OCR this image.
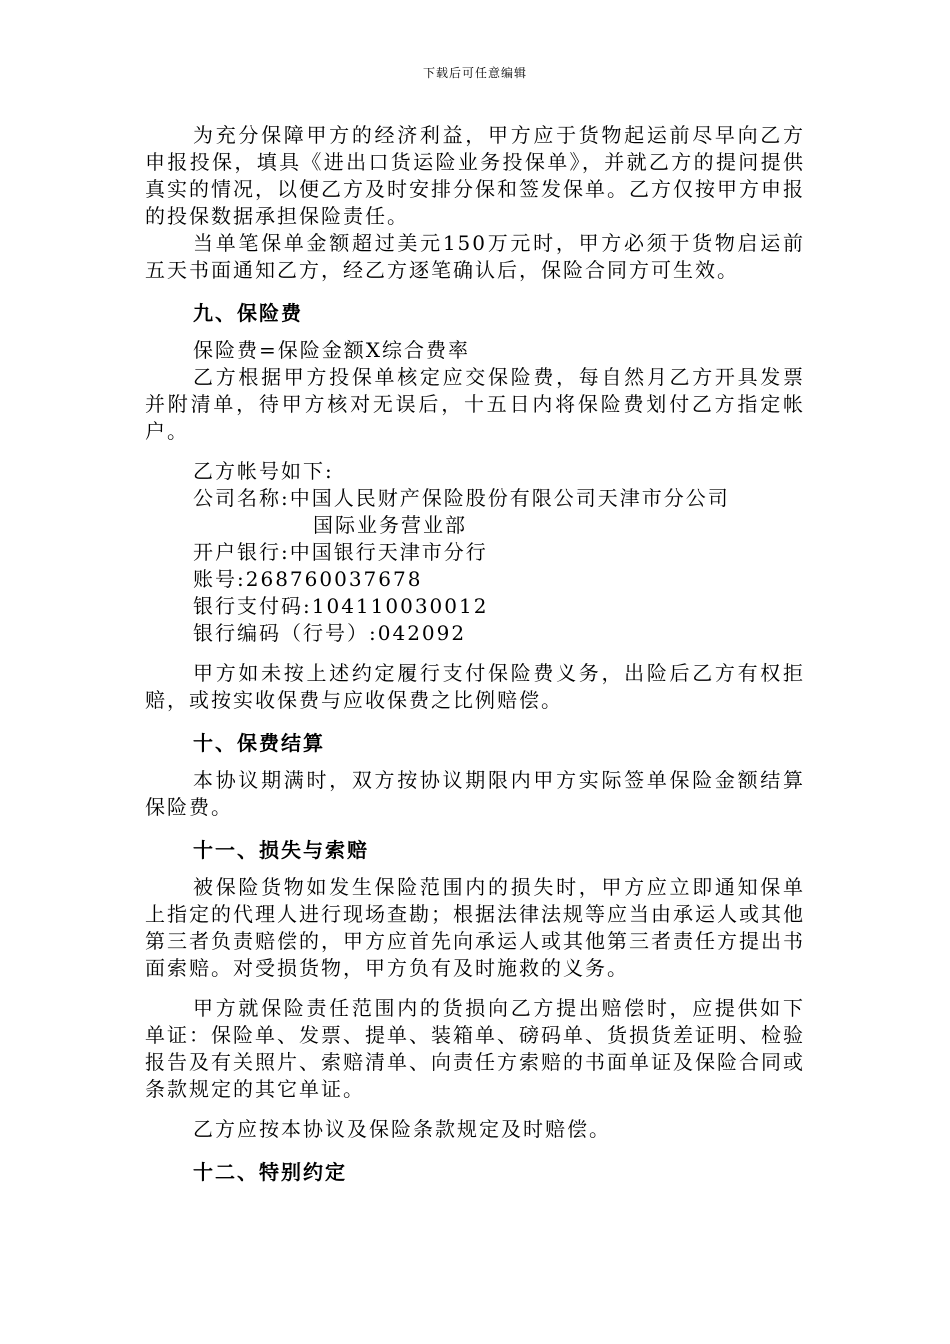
下载后可任意编辑

为充分保障甲方的经济利益，甲方应于货物起运前尽早向乙方申报投保，填具《进出口货运险业务投保单》，并就乙方的提问提供真实的情况，以便乙方及时安排分保和签发保单。乙方仅按甲方申报的投保数据承担保险责任。

当单笔保单金额超过美元150万元时，甲方必须于货物启运前五天书面通知乙方，经乙方逐笔确认后，保险合同方可生效。

九、保险费

保险费=保险金额X综合费率

乙方根据甲方投保单核定应交保险费，每自然月乙方开具发票并附清单，待甲方核对无误后，十五日内将保险费划付乙方指定帐户。

乙方帐号如下:

公司名称: 中国人民财产保险股份有限公司天津市分公司

国际业务营业部

开户银行: 中国银行天津市分行
账号: 268760037678
银行支付码: 104110030012
银行编码（行号）: 042092

甲方如未按上述约定履行支付保险费义务，出险后乙方有权拒赔，或按实收保费与应收保费之比例赔偿。

十、保费结算

本协议期满时，双方按协议期限内甲方实际签单保险金额结算保险费。

十一、损失与索赔

被保险货物如发生保险范围内的损失时，甲方应立即通知保单上指定的代理人进行现场查勘；根据法律法规等应当由承运人或其他第三者负责赔偿的，甲方应首先向承运人或其他第三者责任方提出书面索赔。对受损货物，甲方负有及时施救的义务。

甲方就保险责任范围内的货损向乙方提出赔偿时，应提供如下单证：保险单、发票、提单、装箱单、磅码单、货损货差证明、检验报告及有关照片、索赔清单、向责任方索赔的书面单证及保险合同或条款规定的其它单证。

乙方应按本协议及保险条款规定及时赔偿。

十二、特别约定
